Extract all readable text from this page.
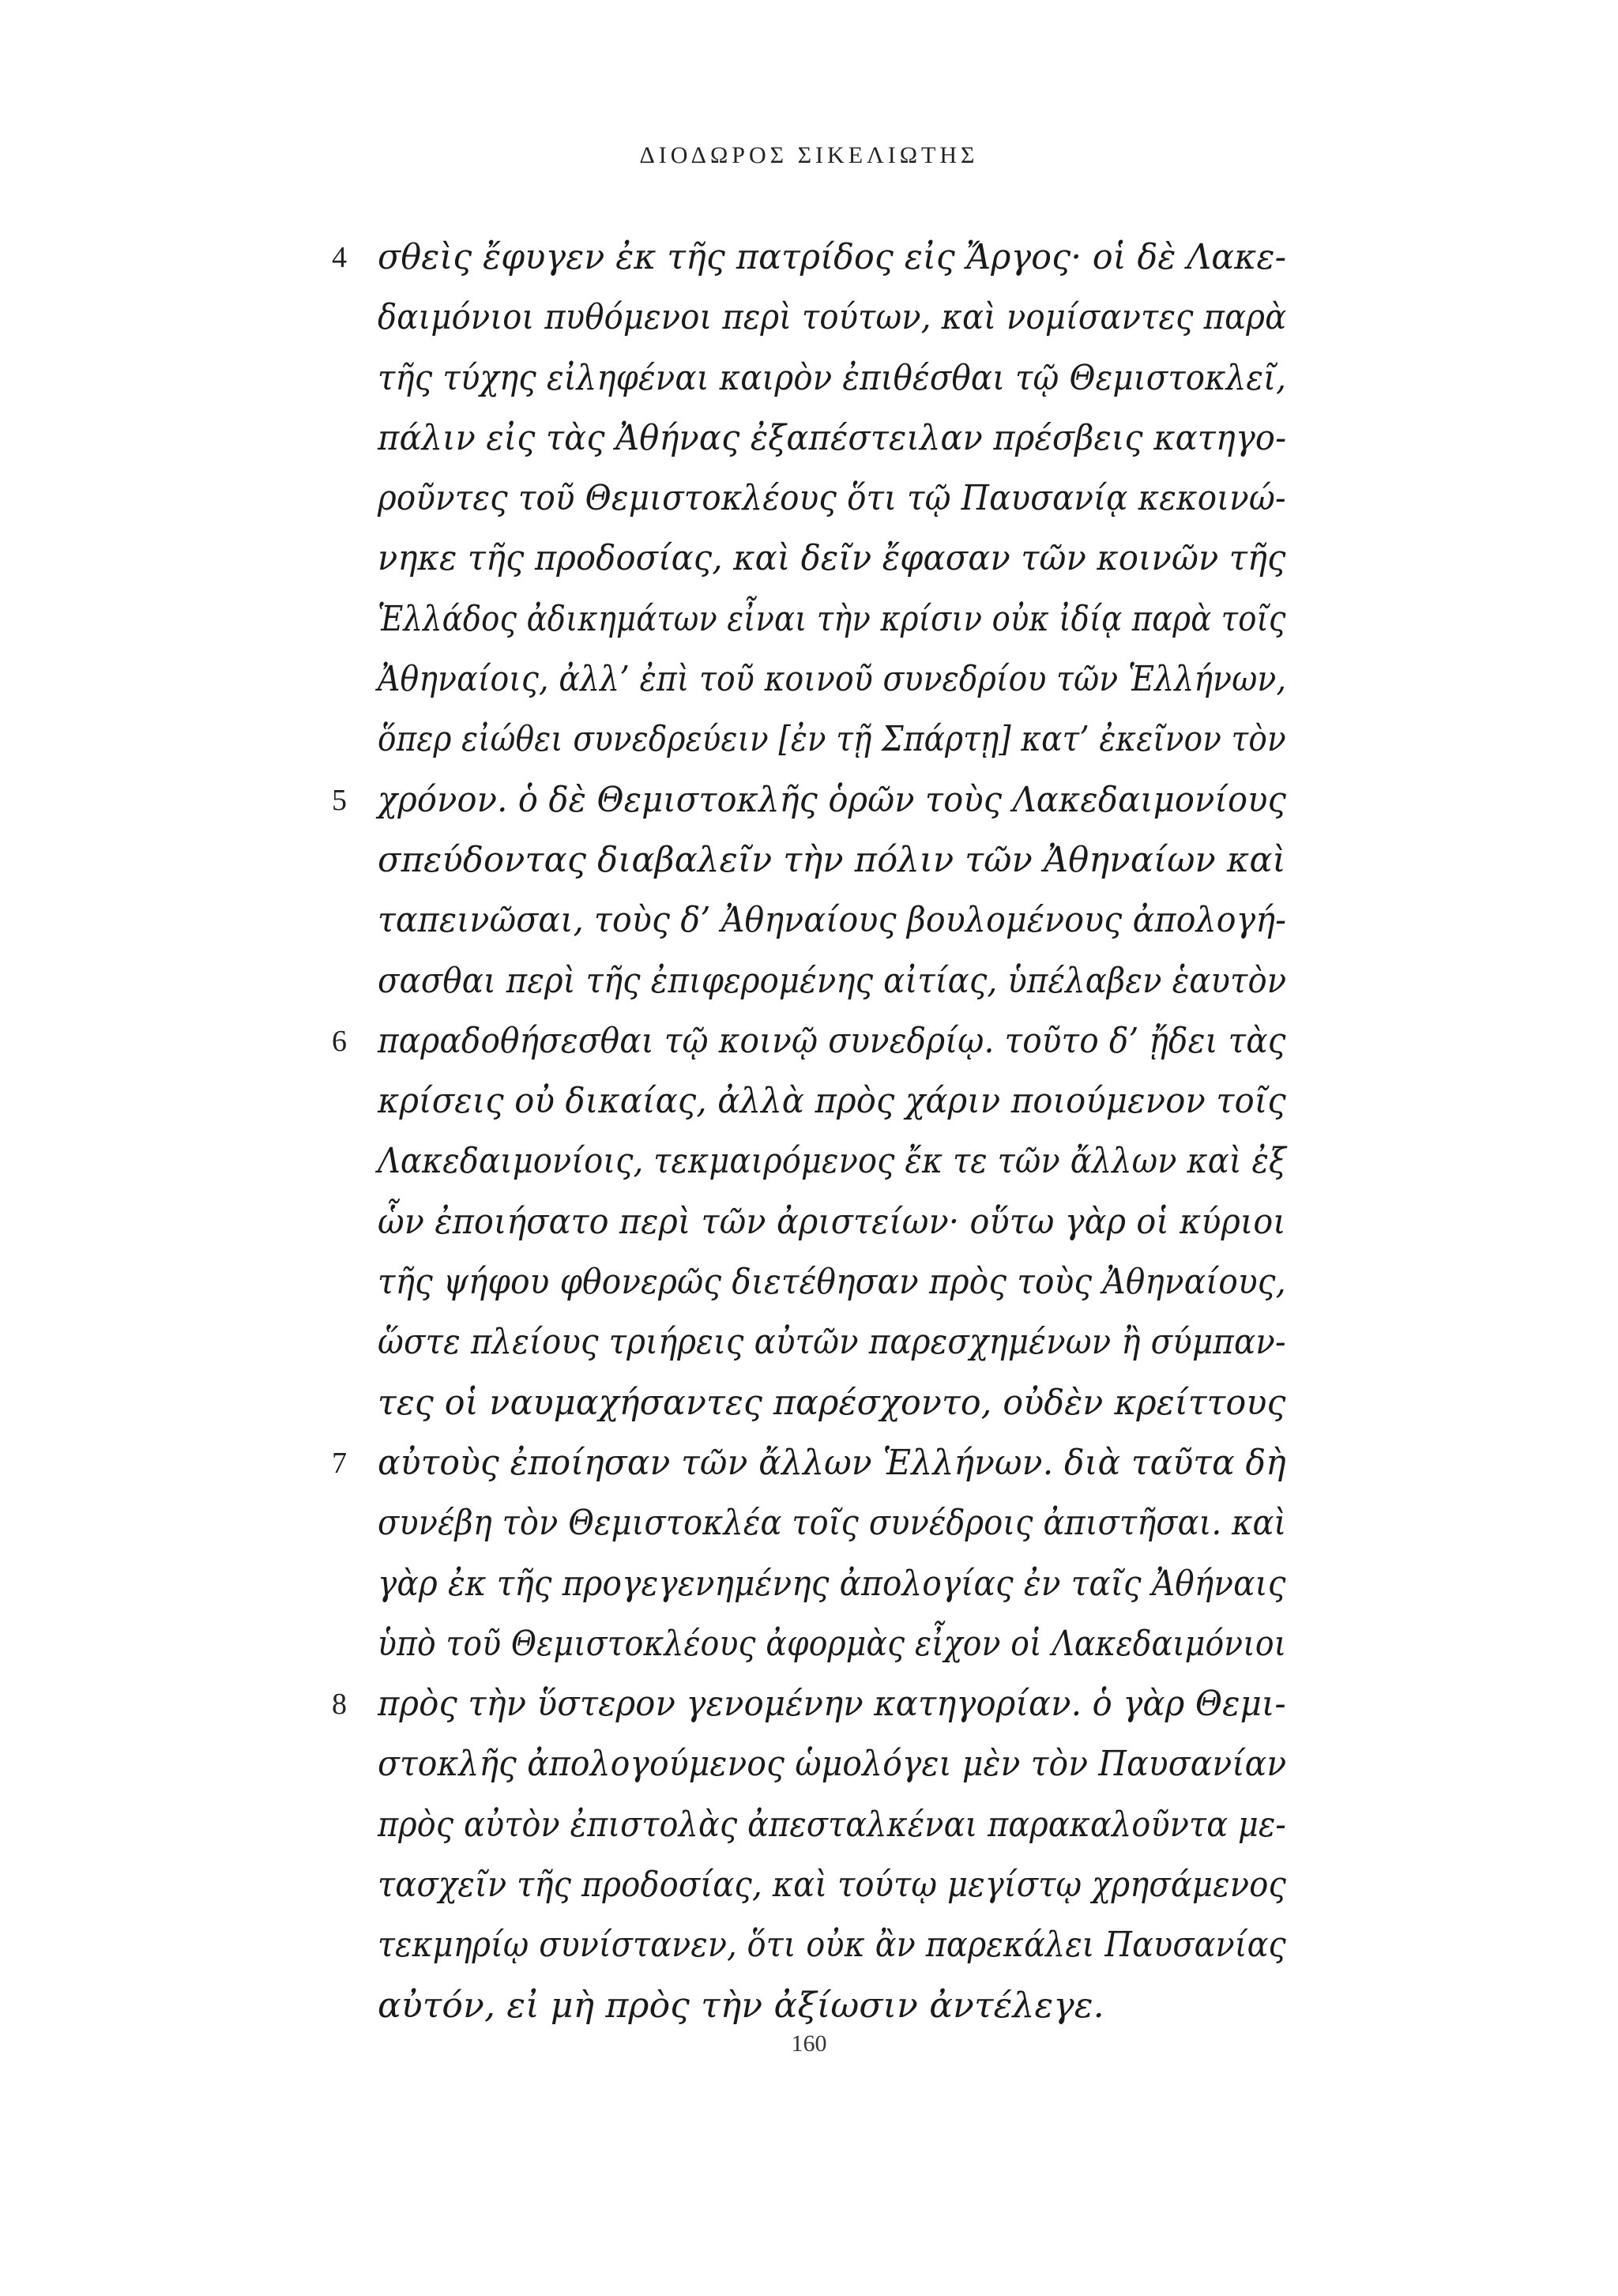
ΔΙΟΔΩΡΟΣ ΣΙΚΕΛΙΩΤΗΣ
4 σθεὶς ἔφυγεν ἐκ τῆς πατρίδος εἰς Ἄργος· οἱ δὲ Λακε-
δαιμόνιοι πυθόμενοι περὶ τούτων, καὶ νομίσαντες παρὰ
τῆς τύχης εἰληφέναι καιρὸν ἐπιθέσθαι τῷ Θεμιστοκλεῖ,
πάλιν εἰς τὰς Ἀθήνας ἐξαπέστειλαν πρέσβεις κατηγο-
ροῦντες τοῦ Θεμιστοκλέους ὅτι τῷ Παυσανίᾳ κεκοινώ-
νηκε τῆς προδοσίας, καὶ δεῖν ἔφασαν τῶν κοινῶν τῆς
Ἑλλάδος ἀδικημάτων εἶναι τὴν κρίσιν οὐκ ἰδίᾳ παρὰ τοῖς
Ἀθηναίοις, ἀλλ’ ἐπὶ τοῦ κοινοῦ συνεδρίου τῶν Ἑλλήνων,
ὅπερ εἰώθει συνεδρεύειν [ἐν τῇ Σπάρτῃ] κατ’ ἐκεῖνον τὸν
5 χρόνον. ὁ δὲ Θεμιστοκλῆς ὁρῶν τοὺς Λακεδαιμονίους
σπεύδοντας διαβαλεῖν τὴν πόλιν τῶν Ἀθηναίων καὶ
ταπεινῶσαι, τοὺς δ’ Ἀθηναίους βουλομένους ἀπολογή-
σασθαι περὶ τῆς ἐπιφερομένης αἰτίας, ὑπέλαβεν ἑαυτὸν
6 παραδοθήσεσθαι τῷ κοινῷ συνεδρίῳ. τοῦτο δ’ ᾔδει τὰς
κρίσεις οὐ δικαίας, ἀλλὰ πρὸς χάριν ποιούμενον τοῖς
Λακεδαιμονίοις, τεκμαιρόμενος ἔκ τε τῶν ἄλλων καὶ ἐξ
ὧν ἐποιήσατο περὶ τῶν ἀριστείων· οὕτω γὰρ οἱ κύριοι
τῆς ψήφου φθονερῶς διετέθησαν πρὸς τοὺς Ἀθηναίους,
ὥστε πλείους τριήρεις αὐτῶν παρεσχημένων ἢ σύμπαν-
τες οἱ ναυμαχήσαντες παρέσχοντο, οὐδὲν κρείττους
7 αὐτοὺς ἐποίησαν τῶν ἄλλων Ἑλλήνων. διὰ ταῦτα δὴ
συνέβη τὸν Θεμιστοκλέα τοῖς συνέδροις ἀπιστῆσαι. καὶ
γὰρ ἐκ τῆς προγεγενημένης ἀπολογίας ἐν ταῖς Ἀθήναις
ὑπὸ τοῦ Θεμιστοκλέους ἀφορμὰς εἶχον οἱ Λακεδαιμόνιοι
8 πρὸς τὴν ὕστερον γενομένην κατηγορίαν. ὁ γὰρ Θεμι-
στοκλῆς ἀπολογούμενος ὡμολόγει μὲν τὸν Παυσανίαν
πρὸς αὐτὸν ἐπιστολὰς ἀπεσταλκέναι παρακαλοῦντα με-
τασχεῖν τῆς προδοσίας, καὶ τούτῳ μεγίστῳ χρησάμενος
τεκμηρίῳ συνίστανεν, ὅτι οὐκ ἂν παρεκάλει Παυσανίας
αὐτόν, εἰ μὴ πρὸς τὴν ἀξίωσιν ἀντέλεγε.
160
